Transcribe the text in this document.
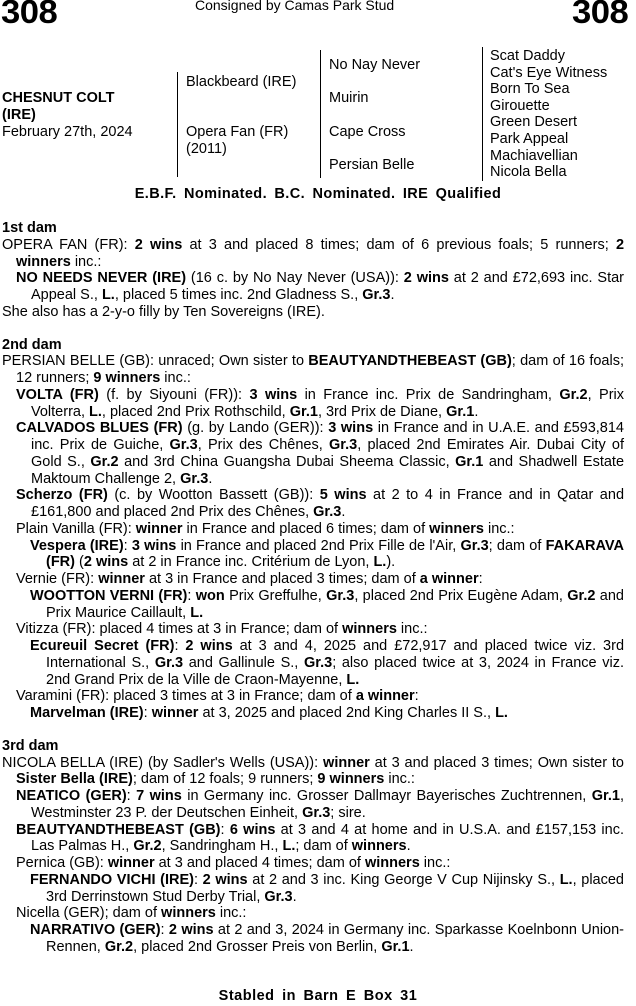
308	Consigned by Camas Park Stud	308
CHESNUT COLT
(IRE)
February 27th, 2024
Blackbeard (IRE)
Opera Fan (FR)
(2011)
No Nay Never
Muirin
Cape Cross
Persian Belle
Scat Daddy
Cat's Eye Witness
Born To Sea
Girouette
Green Desert
Park Appeal
Machiavellian
Nicola Bella
E.B.F. Nominated. B.C. Nominated. IRE Qualified
1st dam
OPERA FAN (FR): 2 wins at 3 and placed 8 times; dam of 6 previous foals; 5 runners; 2 winners inc.:
NO NEEDS NEVER (IRE) (16 c. by No Nay Never (USA)): 2 wins at 2 and £72,693 inc. Star Appeal S., L., placed 5 times inc. 2nd Gladness S., Gr.3.
She also has a 2-y-o filly by Ten Sovereigns (IRE).
2nd dam
PERSIAN BELLE (GB): unraced; Own sister to BEAUTYANDTHEBEAST (GB); dam of 16 foals; 12 runners; 9 winners inc.:
VOLTA (FR) (f. by Siyouni (FR)): 3 wins in France inc. Prix de Sandringham, Gr.2, Prix Volterra, L., placed 2nd Prix Rothschild, Gr.1, 3rd Prix de Diane, Gr.1.
CALVADOS BLUES (FR) (g. by Lando (GER)): 3 wins in France and in U.A.E. and £593,814 inc. Prix de Guiche, Gr.3, Prix des Chênes, Gr.3, placed 2nd Emirates Air. Dubai City of Gold S., Gr.2 and 3rd China Guangsha Dubai Sheema Classic, Gr.1 and Shadwell Estate Maktoum Challenge 2, Gr.3.
Scherzo (FR) (c. by Wootton Bassett (GB)): 5 wins at 2 to 4 in France and in Qatar and £161,800 and placed 2nd Prix des Chênes, Gr.3.
Plain Vanilla (FR): winner in France and placed 6 times; dam of winners inc.:
Vespera (IRE): 3 wins in France and placed 2nd Prix Fille de l'Air, Gr.3; dam of FAKARAVA (FR) (2 wins at 2 in France inc. Critérium de Lyon, L.).
Vernie (FR): winner at 3 in France and placed 3 times; dam of a winner:
WOOTTON VERNI (FR): won Prix Greffulhe, Gr.3, placed 2nd Prix Eugène Adam, Gr.2 and Prix Maurice Caillault, L.
Vitizza (FR): placed 4 times at 3 in France; dam of winners inc.:
Ecureuil Secret (FR): 2 wins at 3 and 4, 2025 and £72,917 and placed twice viz. 3rd International S., Gr.3 and Gallinule S., Gr.3; also placed twice at 3, 2024 in France viz. 2nd Grand Prix de la Ville de Craon-Mayenne, L.
Varamini (FR): placed 3 times at 3 in France; dam of a winner:
Marvelman (IRE): winner at 3, 2025 and placed 2nd King Charles II S., L.
3rd dam
NICOLA BELLA (IRE) (by Sadler's Wells (USA)): winner at 3 and placed 3 times; Own sister to Sister Bella (IRE); dam of 12 foals; 9 runners; 9 winners inc.:
NEATICO (GER): 7 wins in Germany inc. Grosser Dallmayr Bayerisches Zuchtrennen, Gr.1, Westminster 23 P. der Deutschen Einheit, Gr.3; sire.
BEAUTYANDTHEBEAST (GB): 6 wins at 3 and 4 at home and in U.S.A. and £157,153 inc. Las Palmas H., Gr.2, Sandringham H., L.; dam of winners.
Pernica (GB): winner at 3 and placed 4 times; dam of winners inc.:
FERNANDO VICHI (IRE): 2 wins at 2 and 3 inc. King George V Cup Nijinsky S., L., placed 3rd Derrinstown Stud Derby Trial, Gr.3.
Nicella (GER); dam of winners inc.:
NARRATIVO (GER): 2 wins at 2 and 3, 2024 in Germany inc. Sparkasse Koelnbonn Union-Rennen, Gr.2, placed 2nd Grosser Preis von Berlin, Gr.1.
Stabled in Barn E Box 31
